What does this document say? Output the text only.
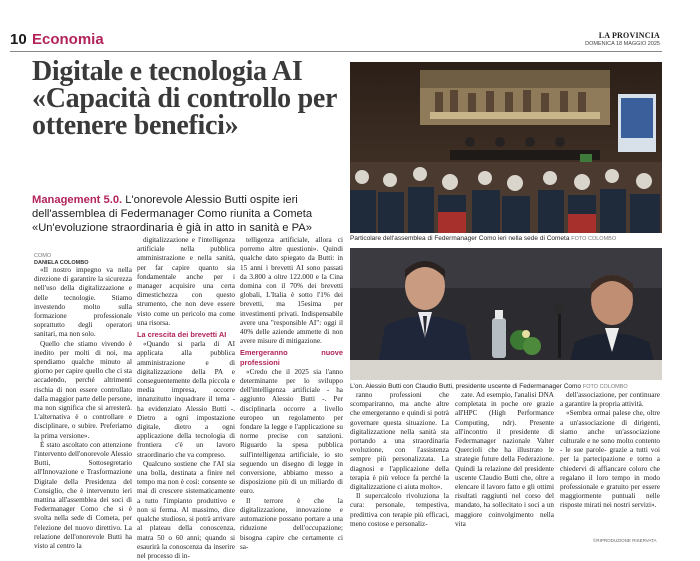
10 Economia	LA PROVINCIA
DOMENICA 18 MAGGIO 2025
Digitale e tecnologia AI «Capacità di controllo per ottenere benefici»
Management 5.0. L'onorevole Alessio Butti ospite ieri dell'assemblea di Federmanager Como riunita a Cometa «Un'evoluzione straordinaria è già in atto in sanità e PA»
Particolare dell'assemblea di Federmanager Como ieri nella sede di Cometa FOTO COLOMBO
L'on. Alessio Butti con Claudio Butti, presidente uscente di Federmanager Como FOTO COLOMBO
COMO
DANIELA COLOMBO

«Il nostro impegno va nella direzione di garantire la sicurezza nell'uso della digitalizzazione e delle tecnologie. Stiamo investendo molto sulla formazione professionale soprattutto degli operatori sanitari, ma non solo.

Quello che stiamo vivendo è inedito per molti di noi, ma spendiamo qualche minuto al giorno per capire quello che ci sta accadendo, perché altrimenti rischia di non essere controllato dalla maggior parte delle persone, ma non significa che si arresterà. L'alternativa è o controllare e disciplinare, o subire. Preferiamo la prima versione».

È stato ascoltato con attenzione l'intervento dell'onorevole Alessio Butti, Sottosegretario all'Innovazione e Trasformazione Digitale della Presidenza del Consiglio, che è intervenuto ieri mattina all'assemblea dei soci di Federmanager Como che si è svolta nella sede di Cometa, per l'elezione del nuovo direttivo. La relazione dell'onorevole Butti ha visto al centro la

digitalizzazione e l'intelligenza artificiale nella pubblica amministrazione e nella sanità, per far capire quanto sia fondamentale anche per i manager acquisire una certa dimestichezza con questo strumento, che non deve essere visto come un pericolo ma come una risorsa.

La crescita dei brevetti AI

«Quando si parla di AI applicata alla pubblica amministrazione e di digitalizzazione della PA e conseguentemente della piccola e media impresa, occorre innanzitutto inquadrare il tema - ha evidenziato Alessio Butti -. Dietro a ogni impostazione digitale, dietro a ogni applicazione della tecnologia di frontiera c'è un lavoro straordinario che va compreso.

Qualcuno sostiene che l'AI sia una bolla, destinata a finire nel tempo ma non è così: consente se mai di crescere sistematicamente a tutto l'impianto produttivo e non si ferma. Al massimo, dice qualche studioso, si potrà arrivare al plateau della conoscenza, matra 50 o 60 anni; quando si esaurirà la conoscenza da inserire nel processo di in-

telligenza artificiale, allora ci porremo altre questioni». Quindi qualche dato spiegato da Butti: in 15 anni i brevetti AI sono passati da 3.800 a oltre 122.000 e la Cina domina con il 70% dei brevetti globali, L'Italia è sotto l'1% dei brevetti, ma 15esima per investimenti privati. Indispensabile avere una "responsible AI": oggi il 40% delle aziende ammette di non avere misure di mitigazione.

Emergeranno nuove professioni

«Credo che il 2025 sia l'anno determinante per lo sviluppo dell'intelligenza artificiale - ha aggiunto Alessio Butti -. Per disciplinarla occorre a livello europeo un regolamento per fondare la legge e l'applicazione su norme precise con sanzioni. Riguardo la spesa pubblica sull'intelligenza artificiale, io sto seguendo un disegno di legge in conversione, abbiamo messo a disposizione più di un miliardo di euro.

Il terrore è che la digitalizzazione, innovazione e automazione possano portare a una riduzione dell'occupazione; bisogna capire che certamente ci sa-

ranno professioni che scompariranno, ma anche altre che emergeranno e quindi si potrà governare questa situazione. La digitalizzazione nella sanità sta portando a una straordinaria evoluzione, con l'assistenza sempre più personalizzata. La diagnosi e l'applicazione della terapia è più veloce fa perché la digitalizzazione ci aiuta molto».

Il supercalcolo rivoluziona la cura: personale, tempestiva, predittiva con terapie più efficaci, meno costose e personaliz-

zate. Ad esempio, l'analisi DNA completata in poche ore grazie all'HPC (High Performance Computing, ndr). Presente all'incontro il presidente di Federmanager nazionale Valter Quercioli che ha illustrato le strategie future della Federazione. Quindi la relazione del presidente uscente Claudio Butti che, oltre a elencare il lavoro fatto e gli ottimi risultati raggiunti nel corso del mandato, ha sollecitato i soci a un maggiore coinvolgimento nella vita

dell'associazione, per continuare a garantire la propria attività.

«Sembra ormai palese che, oltre a un'associazione di dirigenti, siamo anche un'associazione culturale e ne sono molto contento - le sue parole- grazie a tutti voi per la partecipazione e torno a chiedervi di affiancare coloro che regalano il loro tempo in modo professionale e gratuito per essere maggiormente puntuali nelle risposte mirati nei nostri servizi».

©RIPRODUZIONE RISERVATA
